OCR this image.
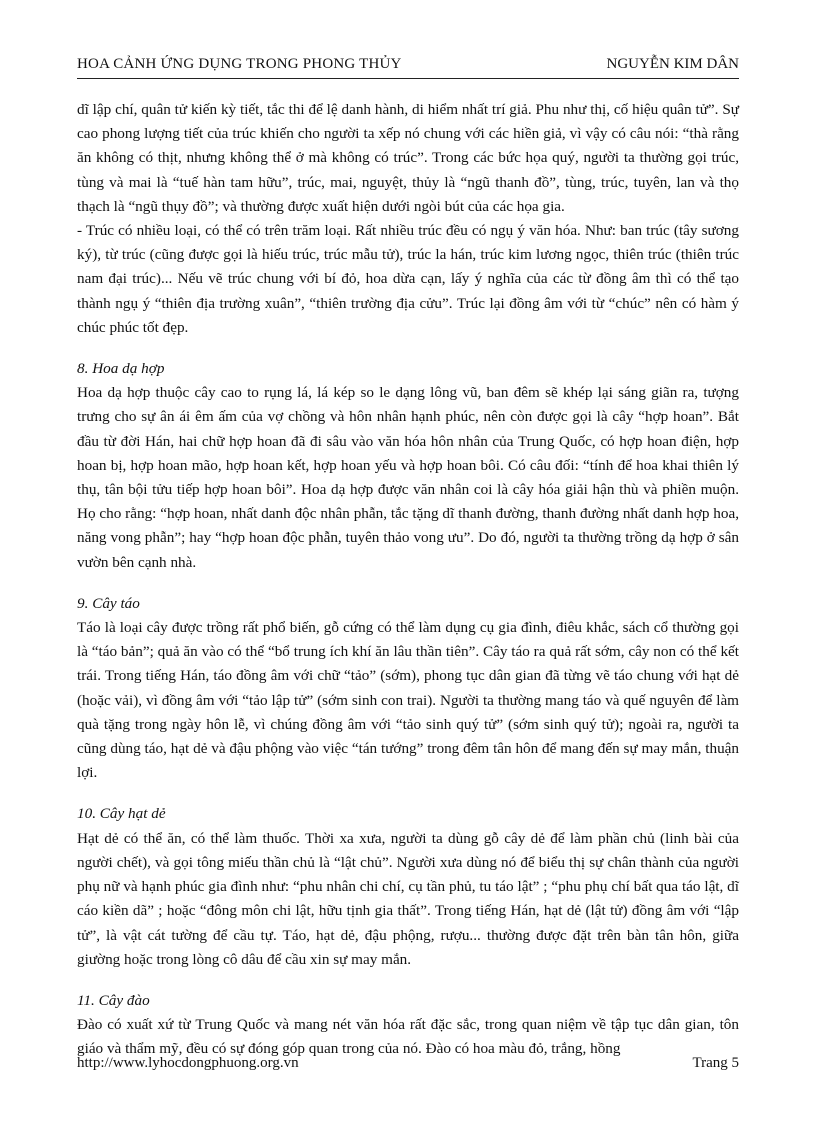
HOA CẢNH ỨNG DỤNG TRONG PHONG THỦY	NGUYỄN KIM DÂN

dĩ lập chí, quân tử kiến kỳ tiết, tắc thi để lệ danh hành, di hiểm nhất trí giả. Phu như thị, cố hiệu quân tử”. Sự cao phong lượng tiết của trúc khiến cho người ta xếp nó chung với các hiền giả, vì vậy có câu nói: “thà rằng ăn không có thịt, nhưng không thể ở mà không có trúc”. Trong các bức họa quý, người ta thường gọi trúc, tùng và mai là “tuế hàn tam hữu”, trúc, mai, nguyệt, thủy là “ngũ thanh đồ”, tùng, trúc, tuyên, lan và thọ thạch là “ngũ thụy đồ”; và thường được xuất hiện dưới ngòi bút của các họa gia.

- Trúc có nhiều loại, có thể có trên trăm loại. Rất nhiều trúc đều có ngụ ý văn hóa. Như: ban trúc (tây sương ký), từ trúc (cũng được gọi là hiếu trúc, trúc mẫu tử), trúc la hán, trúc kim lương ngọc, thiên trúc (thiên trúc nam đại trúc)... Nếu vẽ trúc chung với bí đỏ, hoa dừa cạn, lấy ý nghĩa của các từ đồng âm thì có thể tạo thành ngụ ý “thiên địa trường xuân”, “thiên trường địa cửu”. Trúc lại đồng âm với từ “chúc” nên có hàm ý chúc phúc tốt đẹp.

8. Hoa dạ hợp

Hoa dạ hợp thuộc cây cao to rụng lá, lá kép so le dạng lông vũ, ban đêm sẽ khép lại sáng giãn ra, tượng trưng cho sự ân ái êm ấm của vợ chồng và hôn nhân hạnh phúc, nên còn được gọi là cây “hợp hoan”. Bắt đầu từ đời Hán, hai chữ hợp hoan đã đi sâu vào văn hóa hôn nhân của Trung Quốc, có hợp hoan điện, hợp hoan bị, hợp hoan mão, hợp hoan kết, hợp hoan yếu và hợp hoan bôi. Có câu đối: “tính để hoa khai thiên lý thụ, tân bội tửu tiếp hợp hoan bôi”. Hoa dạ hợp được văn nhân coi là cây hóa giải hận thù và phiền muộn. Họ cho rằng: “hợp hoan, nhất danh độc nhân phẫn, tắc tặng dĩ thanh đường, thanh đường nhất danh hợp hoa, năng vong phẫn”; hay “hợp hoan độc phẫn, tuyên thảo vong ưu”. Do đó, người ta thường trồng dạ hợp ở sân vườn bên cạnh nhà.

9. Cây táo

Táo là loại cây được trồng rất phổ biến, gỗ cứng có thể làm dụng cụ gia đình, điêu khắc, sách cổ thường gọi là “táo bản”; quả ăn vào có thể “bổ trung ích khí ăn lâu thần tiên”. Cây táo ra quả rất sớm, cây non có thể kết trái. Trong tiếng Hán, táo đồng âm với chữ “tảo” (sớm), phong tục dân gian đã từng vẽ táo chung với hạt dẻ (hoặc vải), vì đồng âm với “tảo lập tử” (sớm sinh con trai). Người ta thường mang táo và quế nguyên để làm quà tặng trong ngày hôn lễ, vì chúng đồng âm với “tảo sinh quý tử” (sớm sinh quý tử); ngoài ra, người ta cũng dùng táo, hạt dẻ và đậu phộng vào việc “tán tướng” trong đêm tân hôn để mang đến sự may mắn, thuận lợi.

10. Cây hạt dẻ

Hạt dẻ có thể ăn, có thể làm thuốc. Thời xa xưa, người ta dùng gỗ cây dẻ để làm phần chủ (linh bài của người chết), và gọi tông miếu thần chủ là “lật chủ”. Người xưa dùng nó để biểu thị sự chân thành của người phụ nữ và hạnh phúc gia đình như: “phu nhân chi chí, cụ tần phủ, tu táo lật” ; “phu phụ chí bất qua táo lật, dĩ cáo kiền dã” ; hoặc “đông môn chi lật, hữu tịnh gia thất”. Trong tiếng Hán, hạt dẻ (lật tử) đồng âm với “lập tử”, là vật cát tường để cầu tự. Táo, hạt dẻ, đậu phộng, rượu... thường được đặt trên bàn tân hôn, giữa giường hoặc trong lòng cô dâu để cầu xin sự may mắn.

11. Cây đào

Đào có xuất xứ từ Trung Quốc và mang nét văn hóa rất đặc sắc, trong quan niệm về tập tục dân gian, tôn giáo và thẩm mỹ, đều có sự đóng góp quan trong của nó. Đào có hoa màu đỏ, trắng, hồng

http://www.lyhocdongphuong.org.vn	Trang 5
